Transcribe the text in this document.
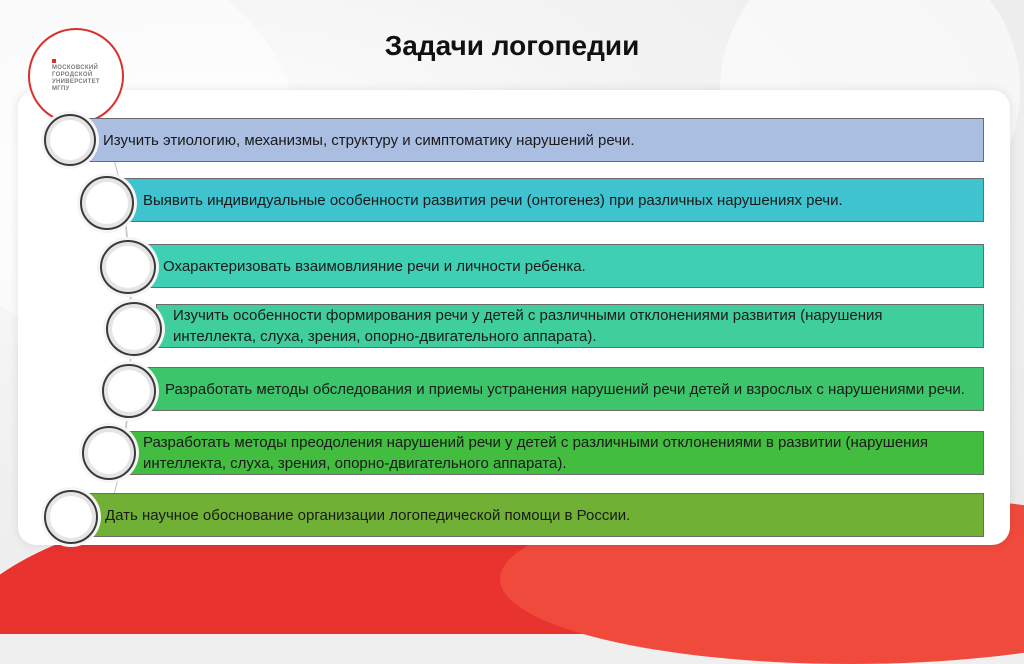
МОСКОВСКИЙ
ГОРОДСКОЙ
УНИВЕРСИТЕТ
МГПУ
Задачи логопедии
Изучить этиологию, механизмы, структуру и симптоматику нарушений речи.
Выявить индивидуальные особенности развития речи (онтогенез) при различных нарушениях речи.
Охарактеризовать взаимовлияние речи и личности ребенка.
Изучить особенности формирования речи у детей с различными отклонениями развития (нарушения интеллекта, слуха, зрения, опорно-двигательного аппарата).
Разработать методы обследования и приемы устранения нарушений речи детей и взрослых с нарушениями речи.
Разработать методы преодоления нарушений речи у детей с различными отклонениями в развитии (нарушения интеллекта, слуха, зрения, опорно-двигательного аппарата).
Дать научное обоснование организации логопедической помощи в России.
